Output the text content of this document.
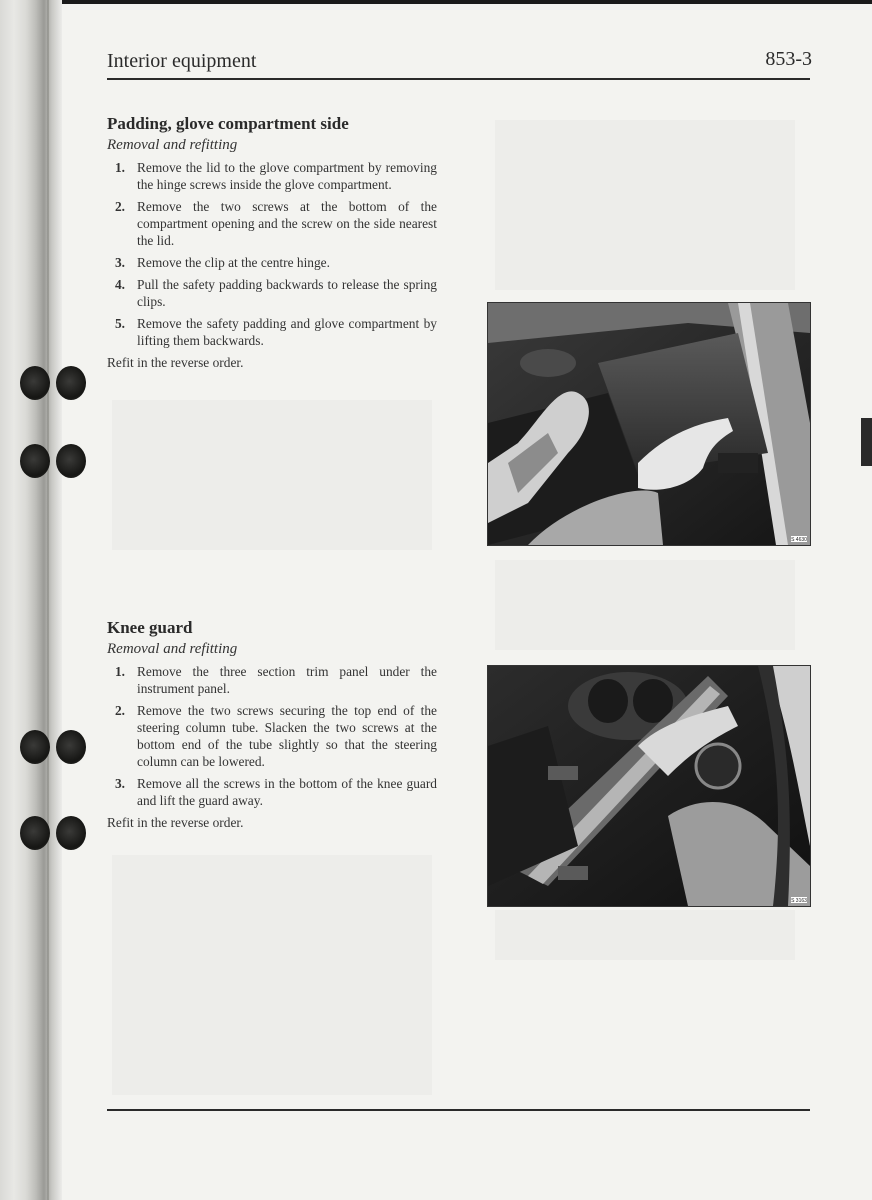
Interior equipment	853-3
Padding, glove compartment side

Removal and refitting

1. Remove the lid to the glove compartment by removing the hinge screws inside the glove compartment.
2. Remove the two screws at the bottom of the compartment opening and the screw on the side nearest the lid.
3. Remove the clip at the centre hinge.
4. Pull the safety padding backwards to release the spring clips.
5. Remove the safety padding and glove compartment by lifting them backwards.
Refit in the reverse order.
Knee guard

Removal and refitting

1. Remove the three section trim panel under the instrument panel.
2. Remove the two screws securing the top end of the steering column tube. Slacken the two screws at the bottom end of the tube slightly so that the steering column can be lowered.
3. Remove all the screws in the bottom of the knee guard and lift the guard away.
Refit in the reverse order.
S 4630
S 3163
